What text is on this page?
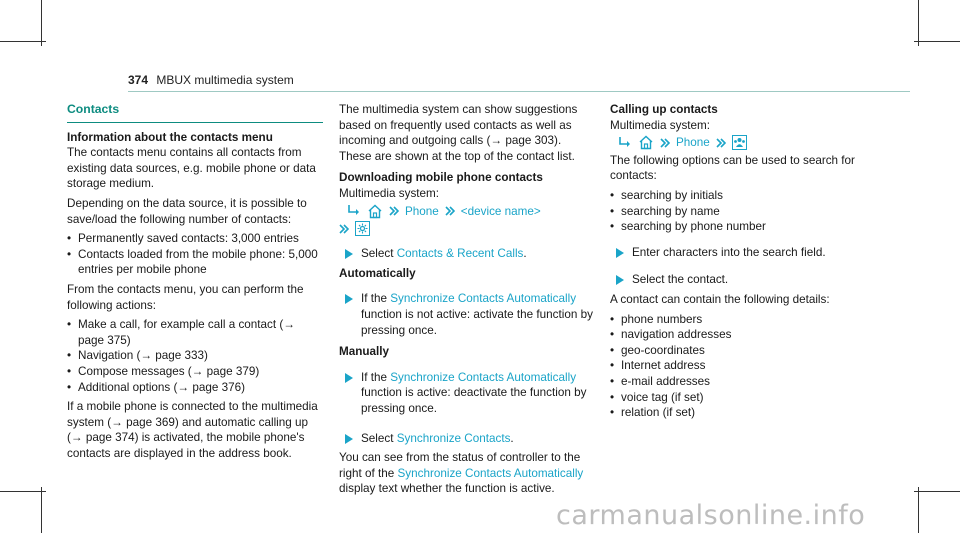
374 MBUX multimedia system
Contacts
Information about the contacts menu

The contacts menu contains all contacts from existing data sources, e.g. mobile phone or data storage medium.

Depending on the data source, it is possible to save/load the following number of contacts:

• Permanently saved contacts: 3,000 entries
• Contacts loaded from the mobile phone: 5,000 entries per mobile phone

From the contacts menu, you can perform the following actions:

• Make a call, for example call a contact (→ page 375)
• Navigation (→ page 333)
• Compose messages (→ page 379)
• Additional options (→ page 376)

If a mobile phone is connected to the multimedia system (→ page 369) and automatic calling up (→ page 374) is activated, the mobile phone's contacts are displayed in the address book.

The multimedia system can show suggestions based on frequently used contacts as well as incoming and outgoing calls (→ page 303). These are shown at the top of the contact list.

Downloading mobile phone contacts
Multimedia system:
Phone <device name>
Select Contacts & Recent Calls.
Automatically
If the Synchronize Contacts Automatically function is not active: activate the function by pressing once.
Manually
If the Synchronize Contacts Automatically function is active: deactivate the function by pressing once.
Select Synchronize Contacts.

You can see from the status of controller to the right of the Synchronize Contacts Automatically display text whether the function is active.

Calling up contacts
Multimedia system:
Phone

The following options can be used to search for contacts:

• searching by initials
• searching by name
• searching by phone number
Enter characters into the search field.
Select the contact.

A contact can contain the following details:

• phone numbers
• navigation addresses
• geo-coordinates
• Internet address
• e-mail addresses
• voice tag (if set)
• relation (if set)
carmanualsonline.info
